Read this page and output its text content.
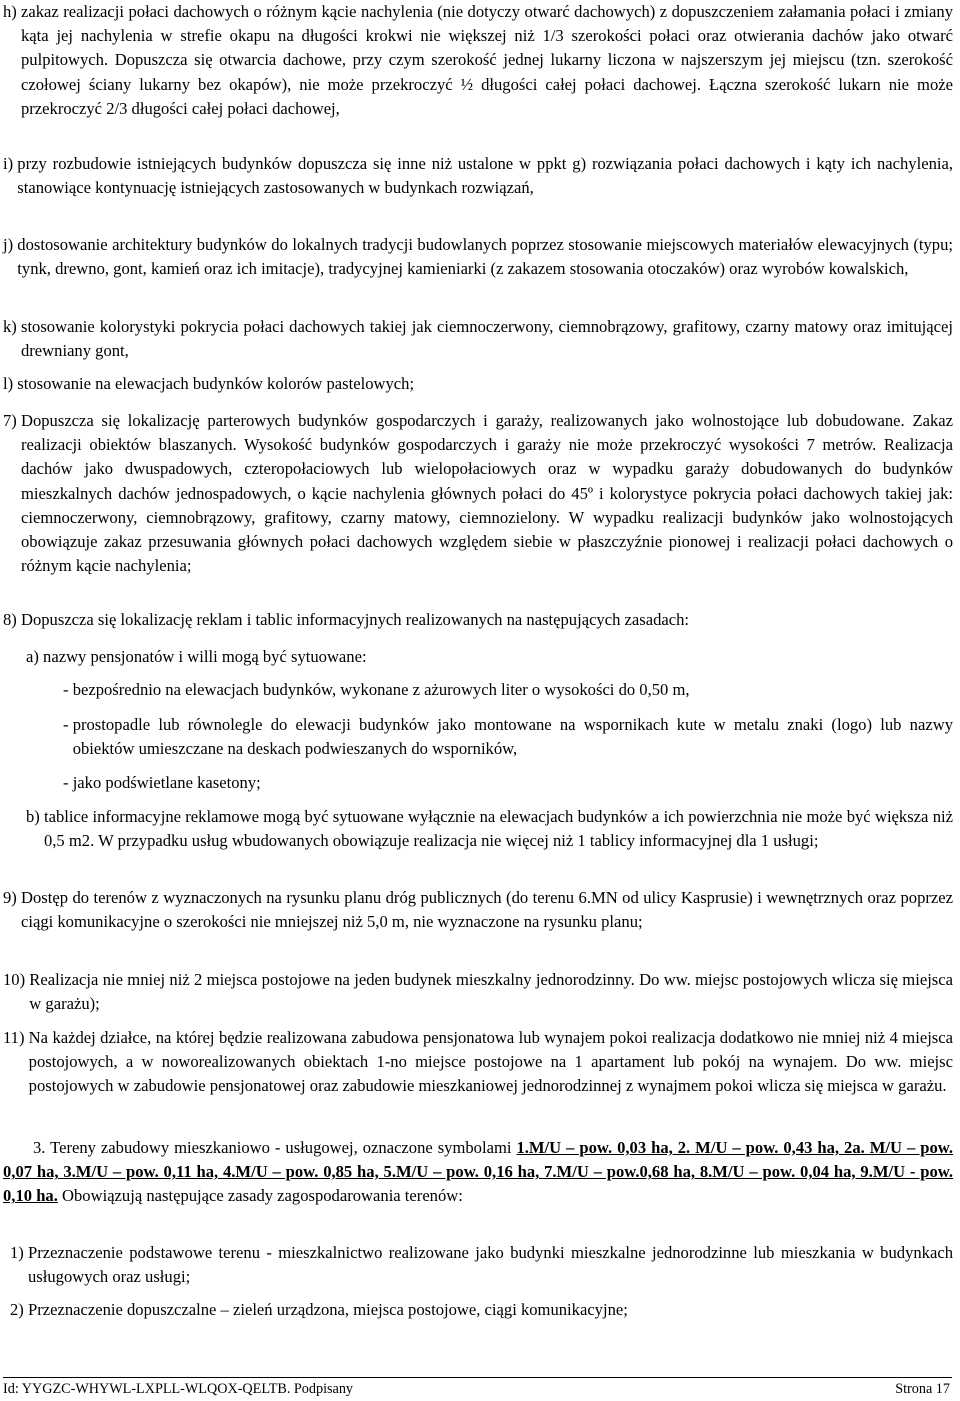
h) zakaz realizacji połaci dachowych o różnym kącie nachylenia (nie dotyczy otwarć dachowych) z dopuszczeniem załamania połaci i zmiany kąta jej nachylenia w strefie okapu na długości krokwi nie większej niż 1/3 szerokości połaci oraz otwierania dachów jako otwarć pulpitowych. Dopuszcza się otwarcia dachowe, przy czym szerokość jednej lukarny liczona w najszerszym jej miejscu (tzn. szerokość czołowej ściany lukarny bez okapów), nie może przekroczyć ½ długości całej połaci dachowej. Łączna szerokość lukarn nie może przekroczyć 2/3 długości całej połaci dachowej,
i) przy rozbudowie istniejących budynków dopuszcza się inne niż ustalone w ppkt g) rozwiązania połaci dachowych i kąty ich nachylenia, stanowiące kontynuację istniejących zastosowanych w budynkach rozwiązań,
j) dostosowanie architektury budynków do lokalnych tradycji budowlanych poprzez stosowanie miejscowych materiałów elewacyjnych (typu; tynk, drewno, gont, kamień oraz ich imitacje), tradycyjnej kamieniarki (z zakazem stosowania otoczaków) oraz wyrobów kowalskich,
k) stosowanie kolorystyki pokrycia połaci dachowych takiej jak ciemnoczerwony, ciemnobrązowy, grafitowy, czarny matowy oraz imitującej drewniany gont,
l) stosowanie na elewacjach budynków kolorów pastelowych;
7) Dopuszcza się lokalizację parterowych budynków gospodarczych i garaży, realizowanych jako wolnostojące lub dobudowane. Zakaz realizacji obiektów blaszanych. Wysokość budynków gospodarczych i garaży nie może przekroczyć wysokości 7 metrów. Realizacja dachów jako dwuspadowych, czteropołaciowych lub wielopołaciowych oraz w wypadku garaży dobudowanych do budynków mieszkalnych dachów jednospadowych, o kącie nachylenia głównych połaci do 45º i kolorystyce pokrycia połaci dachowych takiej jak: ciemnoczerwony, ciemnobrązowy, grafitowy, czarny matowy, ciemnozielony. W wypadku realizacji budynków jako wolnostojących obowiązuje zakaz przesuwania głównych połaci dachowych względem siebie w płaszczyźnie pionowej i realizacji połaci dachowych o różnym kącie nachylenia;
8) Dopuszcza się lokalizację reklam i tablic informacyjnych realizowanych na następujących zasadach:
a) nazwy pensjonatów i willi mogą być sytuowane:
- bezpośrednio na elewacjach budynków, wykonane z ażurowych liter o wysokości do 0,50 m,
- prostopadle lub równolegle do elewacji budynków jako montowane na wspornikach kute w metalu znaki (logo) lub nazwy obiektów umieszczane na deskach podwieszanych do wsporników,
- jako podświetlane kasetony;
b) tablice informacyjne reklamowe mogą być sytuowane wyłącznie na elewacjach budynków a ich powierzchnia nie może być większa niż 0,5 m2. W przypadku usług wbudowanych obowiązuje realizacja nie więcej niż 1 tablicy informacyjnej dla 1 usługi;
9) Dostęp do terenów z wyznaczonych na rysunku planu dróg publicznych (do terenu 6.MN od ulicy Kasprusie) i wewnętrznych oraz poprzez ciągi komunikacyjne o szerokości nie mniejszej niż 5,0 m, nie wyznaczone na rysunku planu;
10) Realizacja nie mniej niż 2 miejsca postojowe na jeden budynek mieszkalny jednorodzinny. Do ww. miejsc postojowych wlicza się miejsca w garażu);
11) Na każdej działce, na której będzie realizowana zabudowa pensjonatowa lub wynajem pokoi realizacja dodatkowo nie mniej niż 4 miejsca postojowych, a w noworealizowanych obiektach 1-no miejsce postojowe na 1 apartament lub pokój na wynajem. Do ww. miejsc postojowych w zabudowie pensjonatowej oraz zabudowie mieszkaniowej jednorodzinnej z wynajmem pokoi wlicza się miejsca w garażu.
3. Tereny zabudowy mieszkaniowo - usługowej, oznaczone symbolami 1.M/U – pow. 0,03 ha, 2. M/U – pow. 0,43 ha, 2a. M/U – pow. 0,07 ha, 3.M/U – pow. 0,11 ha, 4.M/U – pow. 0,85 ha, 5.M/U – pow. 0,16 ha, 7.M/U – pow.0,68 ha, 8.M/U – pow. 0,04 ha, 9.M/U - pow. 0,10 ha. Obowiązują następujące zasady zagospodarowania terenów:
1) Przeznaczenie podstawowe terenu - mieszkalnictwo realizowane jako budynki mieszkalne jednorodzinne lub mieszkania w budynkach usługowych oraz usługi;
2) Przeznaczenie dopuszczalne – zieleń urządzona, miejsca postojowe, ciągi komunikacyjne;
Id: YYGZC-WHYWL-LXPLL-WLQOX-QELTB. Podpisany	Strona 17
